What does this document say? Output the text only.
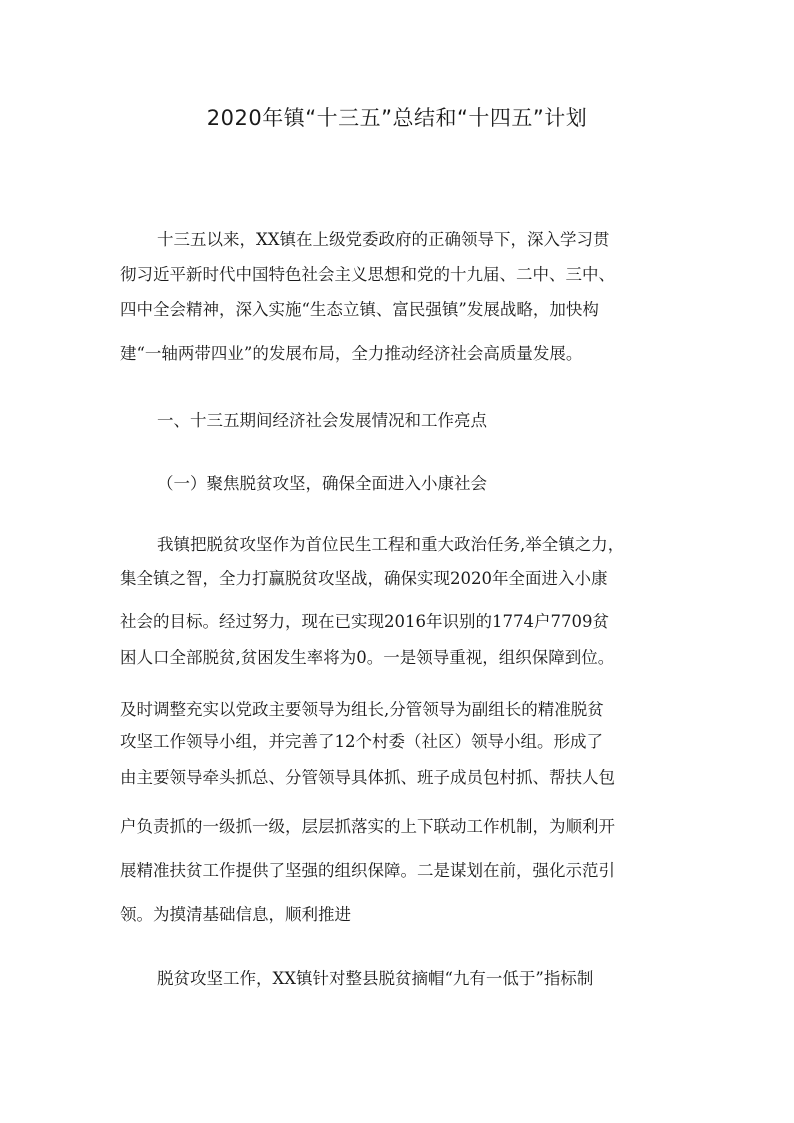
2020年镇“十三五”总结和“十四五”计划
十三五以来，XX镇在上级党委政府的正确领导下，深入学习贯
彻习近平新时代中国特色社会主义思想和党的十九届、二中、三中、
四中全会精神，深入实施“生态立镇、富民强镇”发展战略，加快构
建“一轴两带四业”的发展布局，全力推动经济社会高质量发展。
一、十三五期间经济社会发展情况和工作亮点
（一）聚焦脱贫攻坚，确保全面进入小康社会
我镇把脱贫攻坚作为首位民生工程和重大政治任务,举全镇之力，
集全镇之智，全力打赢脱贫攻坚战，确保实现2020年全面进入小康
社会的目标。经过努力，现在已实现2016年识别的1774户7709贫
困人口全部脱贫,贫困发生率将为0。一是领导重视，组织保障到位。
及时调整充实以党政主要领导为组长,分管领导为副组长的精准脱贫
攻坚工作领导小组，并完善了12个村委（社区）领导小组。形成了
由主要领导牵头抓总、分管领导具体抓、班子成员包村抓、帮扶人包
户负责抓的一级抓一级，层层抓落实的上下联动工作机制，为顺利开
展精准扶贫工作提供了坚强的组织保障。二是谋划在前，强化示范引
领。为摸清基础信息，顺利推进
脱贫攻坚工作，XX镇针对整县脱贫摘帽“九有一低于”指标制
